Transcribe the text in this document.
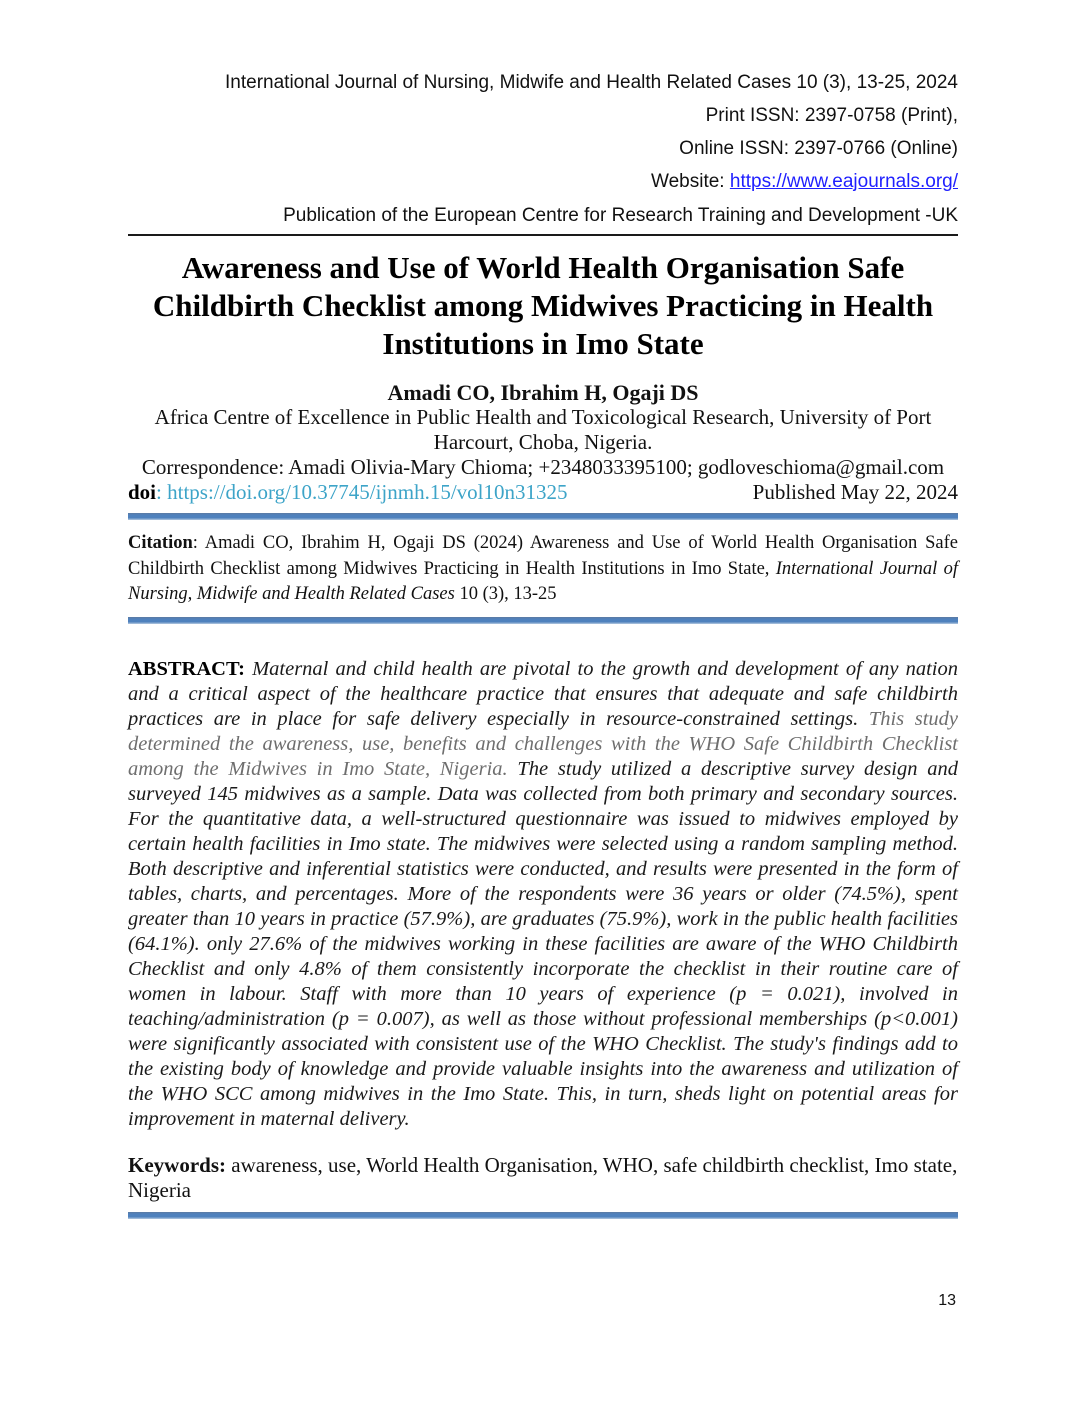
International Journal of Nursing, Midwife and Health Related Cases 10 (3), 13-25, 2024
Print ISSN: 2397-0758 (Print),
Online ISSN: 2397-0766 (Online)
Website: https://www.eajournals.org/
Publication of the European Centre for Research Training and Development -UK
Awareness and Use of World Health Organisation Safe Childbirth Checklist among Midwives Practicing in Health Institutions in Imo State
Amadi CO, Ibrahim H, Ogaji DS
Africa Centre of Excellence in Public Health and Toxicological Research, University of Port Harcourt, Choba, Nigeria.
Correspondence: Amadi Olivia-Mary Chioma; +2348033395100; godloveschioma@gmail.com
doi: https://doi.org/10.37745/ijnmh.15/vol10n31325	Published May 22, 2024

Citation: Amadi CO, Ibrahim H, Ogaji DS (2024) Awareness and Use of World Health Organisation Safe Childbirth Checklist among Midwives Practicing in Health Institutions in Imo State, International Journal of Nursing, Midwife and Health Related Cases 10 (3), 13-25

ABSTRACT: Maternal and child health are pivotal to the growth and development of any nation and a critical aspect of the healthcare practice that ensures that adequate and safe childbirth practices are in place for safe delivery especially in resource-constrained settings. This study determined the awareness, use, benefits and challenges with the WHO Safe Childbirth Checklist among the Midwives in Imo State, Nigeria. The study utilized a descriptive survey design and surveyed 145 midwives as a sample. Data was collected from both primary and secondary sources. For the quantitative data, a well-structured questionnaire was issued to midwives employed by certain health facilities in Imo state. The midwives were selected using a random sampling method. Both descriptive and inferential statistics were conducted, and results were presented in the form of tables, charts, and percentages. More of the respondents were 36 years or older (74.5%), spent greater than 10 years in practice (57.9%), are graduates (75.9%), work in the public health facilities (64.1%). only 27.6% of the midwives working in these facilities are aware of the WHO Childbirth Checklist and only 4.8% of them consistently incorporate the checklist in their routine care of women in labour. Staff with more than 10 years of experience (p = 0.021), involved in teaching/administration (p = 0.007), as well as those without professional memberships (p<0.001) were significantly associated with consistent use of the WHO Checklist. The study's findings add to the existing body of knowledge and provide valuable insights into the awareness and utilization of the WHO SCC among midwives in the Imo State. This, in turn, sheds light on potential areas for improvement in maternal delivery.

Keywords: awareness, use, World Health Organisation, WHO, safe childbirth checklist, Imo state, Nigeria

13
